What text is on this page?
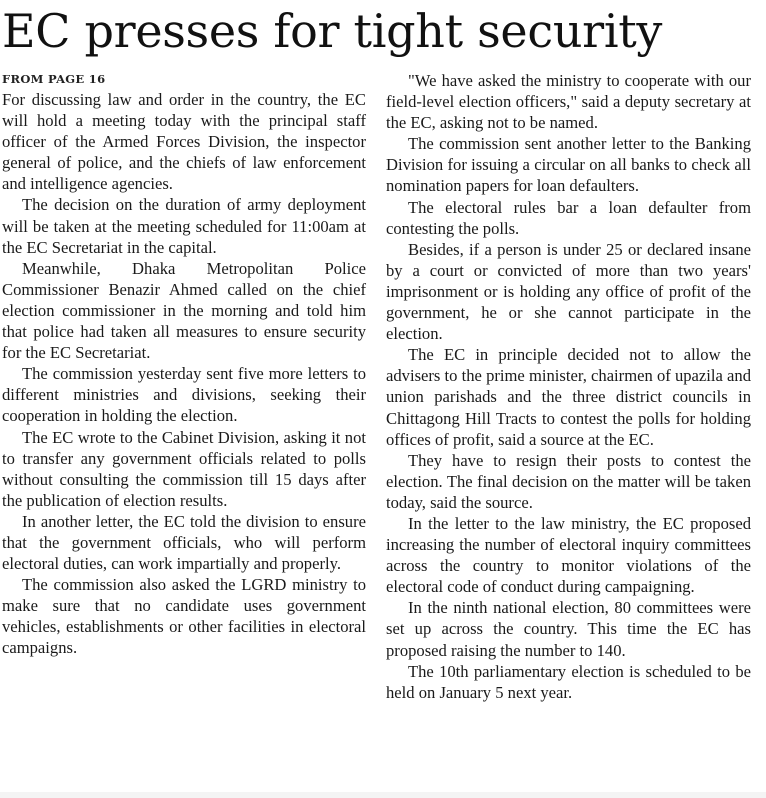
EC presses for tight security

FROM PAGE 16

For discussing law and order in the country, the EC will hold a meeting today with the principal staff officer of the Armed Forces Division, the inspector general of police, and the chiefs of law enforcement and intelligence agencies.

The decision on the duration of army deployment will be taken at the meeting scheduled for 11:00am at the EC Secretariat in the capital.

Meanwhile, Dhaka Metropolitan Police Commissioner Benazir Ahmed called on the chief election commissioner in the morning and told him that police had taken all measures to ensure security for the EC Secretariat.

The commission yesterday sent five more letters to different ministries and divisions, seeking their cooperation in holding the election.

The EC wrote to the Cabinet Division, asking it not to transfer any government officials related to polls without consulting the commission till 15 days after the publication of election results.

In another letter, the EC told the division to ensure that the government officials, who will perform electoral duties, can work impartially and properly.

The commission also asked the LGRD ministry to make sure that no candidate uses government vehicles, establishments or other facilities in electoral campaigns.

"We have asked the ministry to cooperate with our field-level election officers," said a deputy secretary at the EC, asking not to be named.

The commission sent another letter to the Banking Division for issuing a circular on all banks to check all nomination papers for loan defaulters.

The electoral rules bar a loan defaulter from contesting the polls.

Besides, if a person is under 25 or declared insane by a court or convicted of more than two years' imprisonment or is holding any office of profit of the government, he or she cannot participate in the election.

The EC in principle decided not to allow the advisers to the prime minister, chairmen of upazila and union parishads and the three district councils in Chittagong Hill Tracts to contest the polls for holding offices of profit, said a source at the EC.

They have to resign their posts to contest the election. The final decision on the matter will be taken today, said the source.

In the letter to the law ministry, the EC proposed increasing the number of electoral inquiry committees across the country to monitor violations of the electoral code of conduct during campaigning.

In the ninth national election, 80 committees were set up across the country. This time the EC has proposed raising the number to 140.

The 10th parliamentary election is scheduled to be held on January 5 next year.
